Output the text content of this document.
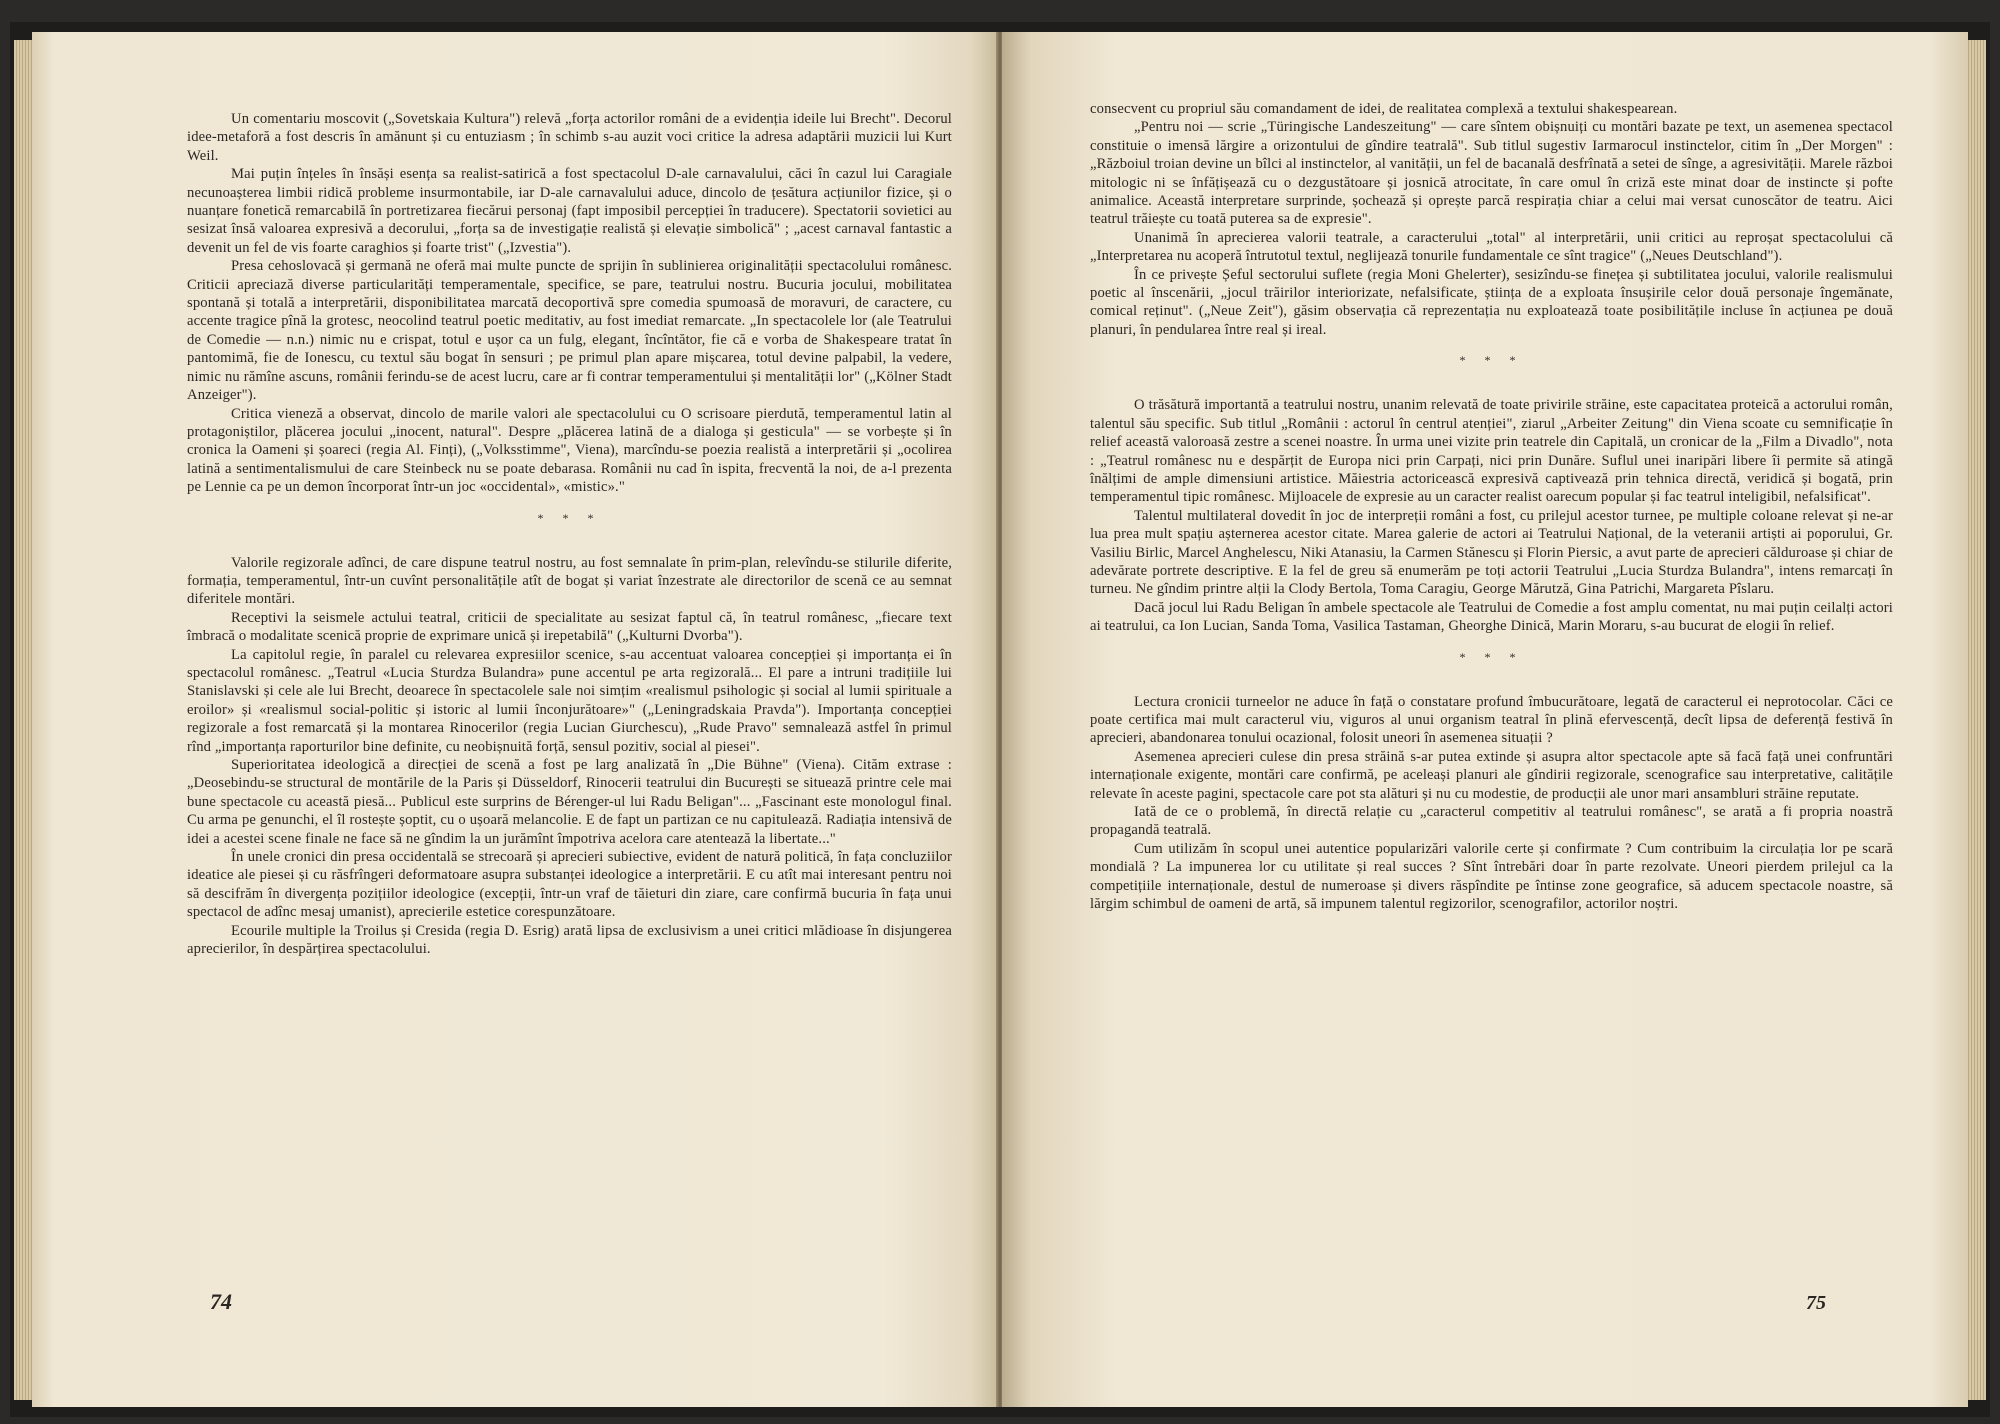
Un comentariu moscovit („Sovetskaia Kultura") relevă „forța actorilor români de a evidenția ideile lui Brecht". Decorul idee-metaforă a fost descris în amănunt și cu entuziasm ; în schimb s-au auzit voci critice la adresa adaptării muzicii lui Kurt Weil.

Mai puțin înțeles în însăși esența sa realist-satirică a fost spectacolul D-ale carnavalului, căci în cazul lui Caragiale necunoașterea limbii ridică probleme insurmontabile, iar D-ale carnavalului aduce, dincolo de țesătura acțiunilor fizice, și o nuanțare fonetică remarcabilă în portretizarea fiecărui personaj (fapt imposibil percepției în traducere). Spectatorii sovietici au sesizat însă valoarea expresivă a decorului, „forța sa de investigație realistă și elevație simbolică" ; „acest carnaval fantastic a devenit un fel de vis foarte caraghios și foarte trist" („Izvestia").

Presa cehoslovacă și germană ne oferă mai multe puncte de sprijin în sublinierea originalității spectacolului românesc. Criticii apreciază diverse particularități temperamentale, specifice, se pare, teatrului nostru. Bucuria jocului, mobilitatea spontană și totală a interpretării, disponibilitatea marcată decoportivă spre comedia spumoasă de moravuri, de caractere, cu accente tragice pînă la grotesc, neocolind teatrul poetic meditativ, au fost imediat remarcate. „In spectacolele lor (ale Teatrului de Comedie — n.n.) nimic nu e crispat, totul e ușor ca un fulg, elegant, încîntător, fie că e vorba de Shakespeare tratat în pantomimă, fie de Ionescu, cu textul său bogat în sensuri ; pe primul plan apare mișcarea, totul devine palpabil, la vedere, nimic nu rămîne ascuns, românii ferindu-se de acest lucru, care ar fi contrar temperamentului și mentalității lor" („Kölner Stadt Anzeiger").

Critica vieneză a observat, dincolo de marile valori ale spectacolului cu O scrisoare pierdută, temperamentul latin al protagoniștilor, plăcerea jocului „inocent, natural". Despre „plăcerea latină de a dialoga și gesticula" — se vorbește și în cronica la Oameni și șoareci (regia Al. Finți), („Volksstimme", Viena), marcîndu-se poezia realistă a interpretării și „ocolirea latină a sentimentalismului de care Steinbeck nu se poate debarasa. Românii nu cad în ispita, frecventă la noi, de a-l prezenta pe Lennie ca pe un demon încorporat într-un joc «occidental», «mistic»."

* * *

Valorile regizorale adînci, de care dispune teatrul nostru, au fost semnalate în prim-plan, relevîndu-se stilurile diferite, formația, temperamentul, într-un cuvînt personalitățile atît de bogat și variat înzestrate ale directorilor de scenă ce au semnat diferitele montări.

Receptivi la seismele actului teatral, criticii de specialitate au sesizat faptul că, în teatrul românesc, „fiecare text îmbracă o modalitate scenică proprie de exprimare unică și irepetabilă" („Kulturni Dvorba").

La capitolul regie, în paralel cu relevarea expresiilor scenice, s-au accentuat valoarea concepției și importanța ei în spectacolul românesc. „Teatrul «Lucia Sturdza Bulandra» pune accentul pe arta regizorală... El pare a intruni tradițiile lui Stanislavski și cele ale lui Brecht, deoarece în spectacolele sale noi simțim «realismul psihologic și social al lumii spirituale a eroilor» și «realismul social-politic și istoric al lumii înconjurătoare»" („Leningradskaia Pravda"). Importanța concepției regizorale a fost remarcată și la montarea Rinocerilor (regia Lucian Giurchescu), „Rude Pravo" semnalează astfel în primul rînd „importanța raporturilor bine definite, cu neobișnuită forță, sensul pozitiv, social al piesei".

Superioritatea ideologică a direcției de scenă a fost pe larg analizată în „Die Bühne" (Viena). Cităm extrase : „Deosebindu-se structural de montările de la Paris și Düsseldorf, Rinocerii teatrului din București se situează printre cele mai bune spectacole cu această piesă... Publicul este surprins de Bérenger-ul lui Radu Beligan"... „Fascinant este monologul final. Cu arma pe genunchi, el îl rostește șoptit, cu o ușoară melancolie. E de fapt un partizan ce nu capitulează. Radiația intensivă de idei a acestei scene finale ne face să ne gîndim la un jurămînt împotriva acelora care atentează la libertate..."

În unele cronici din presa occidentală se strecoară și aprecieri subiective, evident de natură politică, în fața concluziilor ideatice ale piesei și cu răsfrîngeri deformatoare asupra substanței ideologice a interpretării. E cu atît mai interesant pentru noi să descifrăm în divergența pozițiilor ideologice (excepții, într-un vraf de tăieturi din ziare, care confirmă bucuria în fața unui spectacol de adînc mesaj umanist), aprecierile estetice corespunzătoare.

Ecourile multiple la Troilus și Cresida (regia D. Esrig) arată lipsa de exclusivism a unei critici mlădioase în disjungerea aprecierilor, în despărțirea spectacolului.

74

consecvent cu propriul său comandament de idei, de realitatea complexă a textului shakespearean.

„Pentru noi — scrie „Türingische Landeszeitung" — care sîntem obișnuiți cu montări bazate pe text, un asemenea spectacol constituie o imensă lărgire a orizontului de gîndire teatrală". Sub titlul sugestiv Iarmarocul instinctelor, citim în „Der Morgen" : „Războiul troian devine un bîlci al instinctelor, al vanității, un fel de bacanală desfrînată a setei de sînge, a agresivității. Marele război mitologic ni se înfățișează cu o dezgustătoare și josnică atrocitate, în care omul în criză este minat doar de instincte și pofte animalice. Această interpretare surprinde, șochează și oprește parcă respirația chiar a celui mai versat cunoscător de teatru. Aici teatrul trăiește cu toată puterea sa de expresie".

Unanimă în aprecierea valorii teatrale, a caracterului „total" al interpretării, unii critici au reproșat spectacolului că „Interpretarea nu acoperă întrutotul textul, neglijează tonurile fundamentale ce sînt tragice" („Neues Deutschland").

În ce privește Șeful sectorului suflete (regia Moni Ghelerter), sesizîndu-se finețea și subtilitatea jocului, valorile realismului poetic al înscenării, „jocul trăirilor interiorizate, nefalsificate, știința de a exploata însușirile celor două personaje îngemănate, comical reținut". („Neue Zeit"), găsim observația că reprezentația nu exploatează toate posibilitățile incluse în acțiunea pe două planuri, în pendularea între real și ireal.

* * *

O trăsătură importantă a teatrului nostru, unanim relevată de toate privirile străine, este capacitatea proteică a actorului român, talentul său specific. Sub titlul „Românii : actorul în centrul atenției", ziarul „Arbeiter Zeitung" din Viena scoate cu semnificație în relief această valoroasă zestre a scenei noastre. În urma unei vizite prin teatrele din Capitală, un cronicar de la „Film a Divadlo", nota : „Teatrul românesc nu e despărțit de Europa nici prin Carpați, nici prin Dunăre. Suflul unei inaripări libere îi permite să atingă înălțimi de ample dimensiuni artistice. Măiestria actoricească expresivă captivează prin tehnica directă, veridică și bogată, prin temperamentul tipic românesc. Mijloacele de expresie au un caracter realist oarecum popular și fac teatrul inteligibil, nefalsificat".

Talentul multilateral dovedit în joc de interpreții români a fost, cu prilejul acestor turnee, pe multiple coloane relevat și ne-ar lua prea mult spațiu așternerea acestor citate. Marea galerie de actori ai Teatrului Național, de la veteranii artiști ai poporului, Gr. Vasiliu Birlic, Marcel Anghelescu, Niki Atanasiu, la Carmen Stănescu și Florin Piersic, a avut parte de aprecieri călduroase și chiar de adevărate portrete descriptive. E la fel de greu să enumerăm pe toți actorii Teatrului „Lucia Sturdza Bulandra", intens remarcați în turneu. Ne gîndim printre alții la Clody Bertola, Toma Caragiu, George Mărutză, Gina Patrichi, Margareta Pîslaru.

Dacă jocul lui Radu Beligan în ambele spectacole ale Teatrului de Comedie a fost amplu comentat, nu mai puțin ceilalți actori ai teatrului, ca Ion Lucian, Sanda Toma, Vasilica Tastaman, Gheorghe Dinică, Marin Moraru, s-au bucurat de elogii în relief.

* * *

Lectura cronicii turneelor ne aduce în față o constatare profund îmbucurătoare, legată de caracterul ei neprotocolar. Căci ce poate certifica mai mult caracterul viu, viguros al unui organism teatral în plină efervescență, decît lipsa de deferență festivă în aprecieri, abandonarea tonului ocazional, folosit uneori în asemenea situații ?

Asemenea aprecieri culese din presa străină s-ar putea extinde și asupra altor spectacole apte să facă față unei confruntări internaționale exigente, montări care confirmă, pe aceleași planuri ale gîndirii regizorale, scenografice sau interpretative, calitățile relevate în aceste pagini, spectacole care pot sta alături și nu cu modestie, de producții ale unor mari ansambluri străine reputate.

Iată de ce o problemă, în directă relație cu „caracterul competitiv al teatrului românesc", se arată a fi propria noastră propagandă teatrală.

Cum utilizăm în scopul unei autentice popularizări valorile certe și confirmate ? Cum contribuim la circulația lor pe scară mondială ? La impunerea lor cu utilitate și real succes ? Sînt întrebări doar în parte rezolvate. Uneori pierdem prilejul ca la competițiile internaționale, destul de numeroase și divers răspîndite pe întinse zone geografice, să aducem spectacole noastre, să lărgim schimbul de oameni de artă, să impunem talentul regizorilor, scenografilor, actorilor noștri.

75
